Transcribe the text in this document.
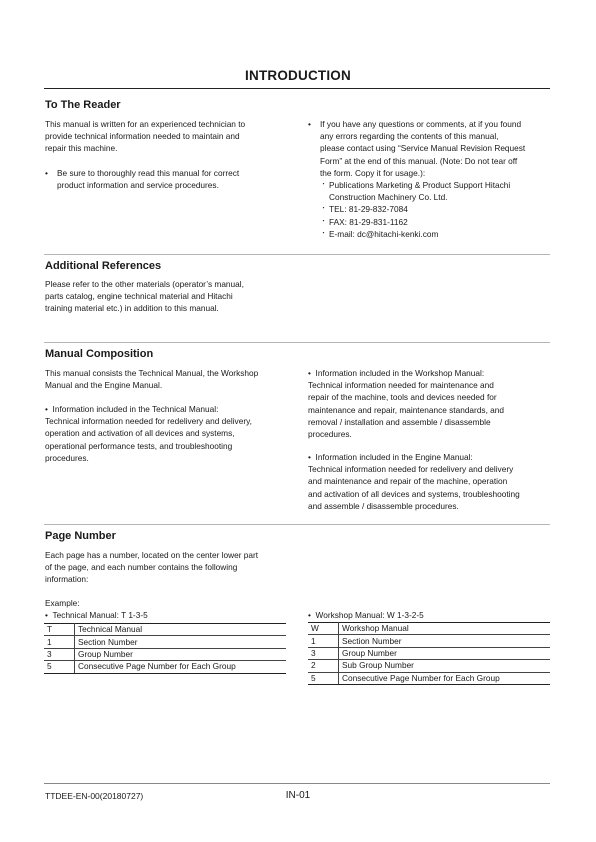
INTRODUCTION
To The Reader

This manual is written for an experienced technician to

provide technical information needed to maintain and

repair this machine.

• Be sure to thoroughly read this manual for correct
product information and service procedures.
• If you have any questions or comments, at if you found
any errors regarding the contents of this manual,
please contact using “Service Manual Revision Request
Form” at the end of this manual. (Note: Do not tear off
the form. Copy it for usage.):
・ Publications Marketing & Product Support Hitachi
Construction Machinery Co. Ltd.
・ TEL: 81-29-832-7084
・ FAX: 81-29-831-1162
・ E-mail: dc@hitachi-kenki.com
Additional References

Please refer to the other materials (operator’s manual,

parts catalog, engine technical material and Hitachi

training material etc.) in addition to this manual.

Manual Composition

This manual consists the Technical Manual, the Workshop

Manual and the Engine Manual.

• Information included in the Technical Manual:

Technical information needed for redelivery and delivery,

operation and activation of all devices and systems,

operational performance tests, and troubleshooting

procedures.

• Information included in the Workshop Manual:

Technical information needed for maintenance and

repair of the machine, tools and devices needed for

maintenance and repair, maintenance standards, and

removal / installation and assemble / disassemble

procedures.

• Information included in the Engine Manual:

Technical information needed for redelivery and delivery

and maintenance and repair of the machine, operation

and activation of all devices and systems, troubleshooting

and assemble / disassemble procedures.

Page Number

Each page has a number, located on the center lower part

of the page, and each number contains the following

information:

Example:
• Technical Manual: T 1-3-5
T	Technical Manual
1	Section Number
3	Group Number
5	Consecutive Page Number for Each Group
• Workshop Manual: W 1-3-2-5
W	Workshop Manual
1	Section Number
3	Group Number
2	Sub Group Number
5	Consecutive Page Number for Each Group
TTDEE-EN-00(20180727)	IN-01
